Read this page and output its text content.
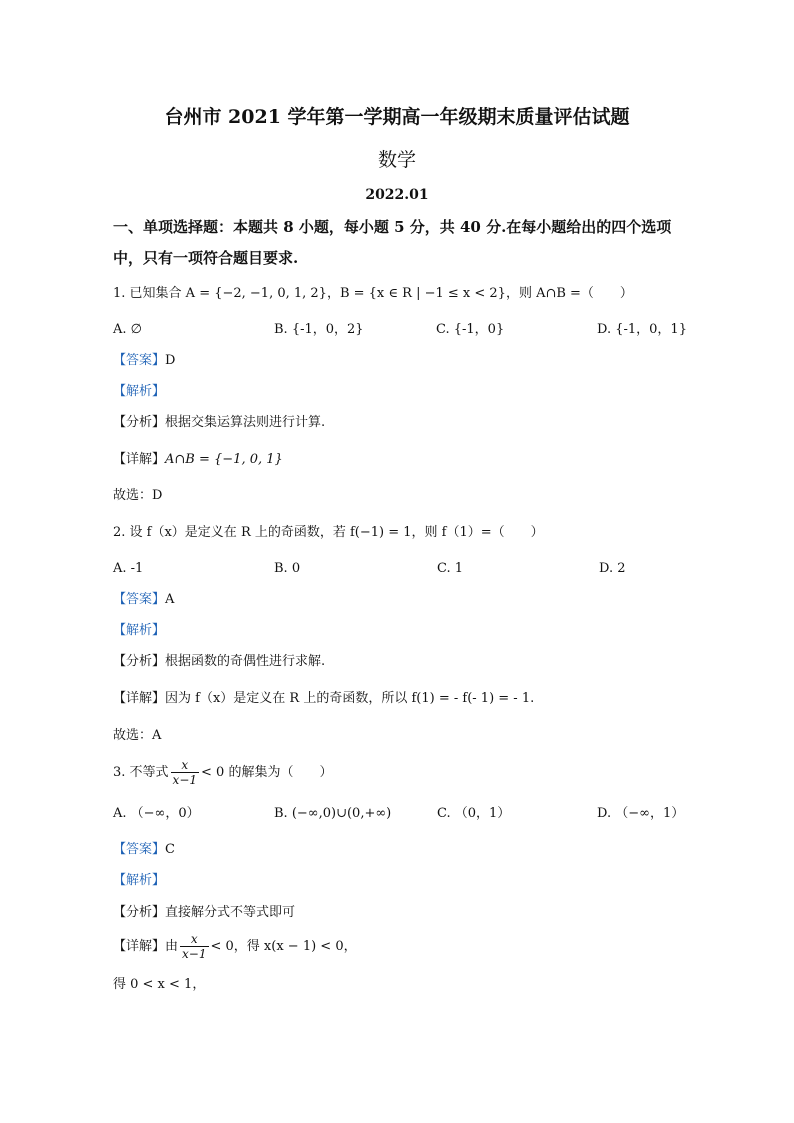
台州市 2021 学年第一学期高一年级期末质量评估试题
数学
2022.01
一、单项选择题：本题共 8 小题，每小题 5 分，共 40 分.在每小题给出的四个选项
中，只有一项符合题目要求.
1. 已知集合 A = {−2, −1, 0, 1, 2}，B = {x ∈ R | −1 ≤ x < 2}，则 A∩B =（　　）
A. ∅	B. {-1，0，2}	C. {-1，0}	D. {-1，0，1}
【答案】D
【解析】
【分析】根据交集运算法则进行计算.
【详解】A∩B = {−1, 0, 1}
故选：D
2. 设 f（x）是定义在 R 上的奇函数，若 f(−1) = 1，则 f（1）=（　　）
A. -1	B. 0	C. 1	D. 2
【答案】A
【解析】
【分析】根据函数的奇偶性进行求解.
【详解】因为 f（x）是定义在 R 上的奇函数，所以 f(1) = - f(- 1) = - 1.
故选：A
3. 不等式 $\frac{x}{x-1} < 0$ 的解集为（　　）
A. （−∞，0）	B. (−∞,0)∪(0,+∞)	C. （0，1）	D. （−∞，1）
【答案】C
【解析】
【分析】直接解分式不等式即可
【详解】由 $\frac{x}{x-1} < 0$，得 x(x − 1) < 0，
得 0 < x < 1，
